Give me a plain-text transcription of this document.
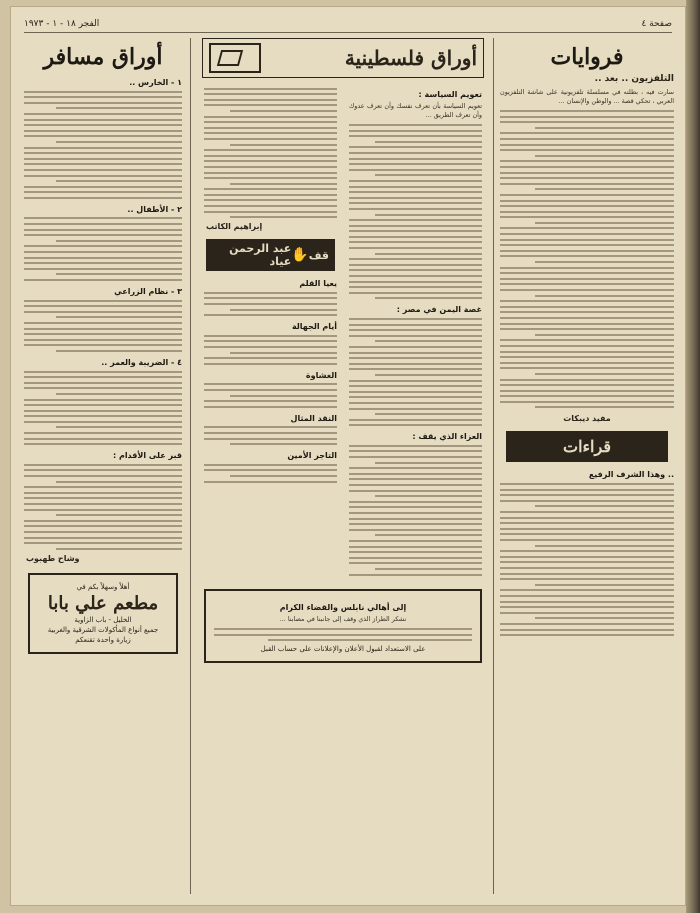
صفحة ٤
الفجر ١٨ - ١ - ١٩٧٣
فروايات
التلفزيون .. بعد ..
سارت فيه ، بطلته في مسلسلة تلفزيونية على شاشة التلفزيون العربي ، تحكي قصة ... والوطن والإنسان ...
مفيد ديبكات
قراءات
.. وهذا الشرف الرفيع
أوراق فلسطينية
تعويم السياسة :
تعويم السياسة بأن تعرف نفسك وأن تعرف عدوك وأن تعرف الطريق ...
غصة اليمن في مصر :
العزاء الذي يقف :
إبراهيم الكاتب
قف
✋
عبد الرحمن عياد
يعيا القلم
أيام الجهالة
الغشاوة
النقد المثال
التاجر الأمين
إلى أهالي نابلس والقضاء الكرام
نشكر الطراز الذي وقف إلى جانبنا في مصابنا ...
على الاستعداد لقبول الأعلان والإعلانات على حساب القبل
أوراق مسافر
١ - الخارس ..
٢ - الأطفال ..
٣ - نظام الزراعي
٤ - الضريبة والعمر ..
قبر على الأقدام :
وشاح طهبوب
أهلاً وسهلاً بكم في
مطعم علي بابا
الخليل - باب الزاوية
جميع أنواع المأكولات الشرقية والغربية
زيارة واحدة تقنعكم
